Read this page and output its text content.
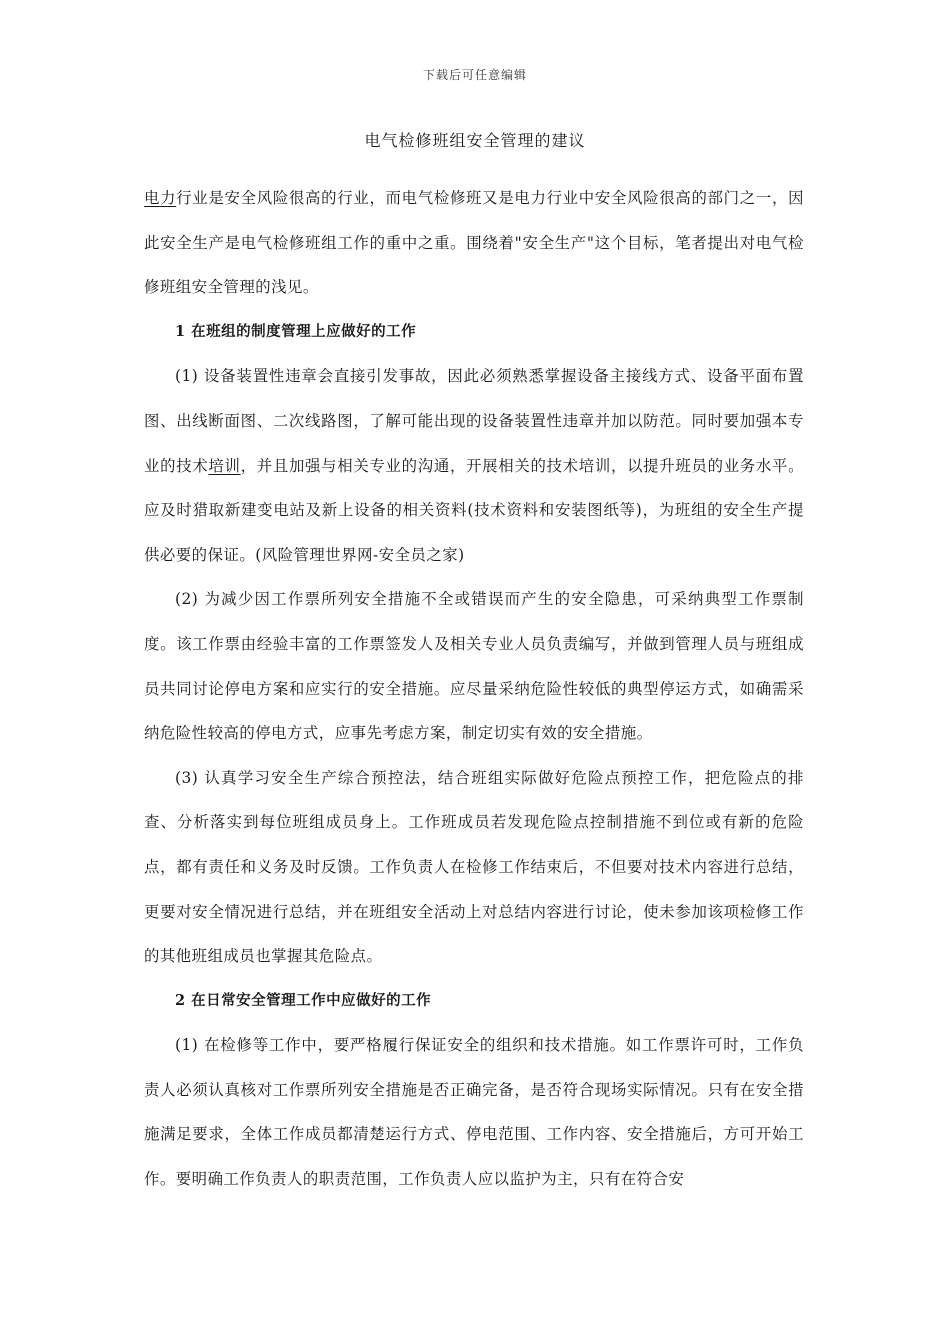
下载后可任意编辑
电气检修班组安全管理的建议

电力行业是安全风险很高的行业，而电气检修班又是电力行业中安全风险很高的部门之一，因此安全生产是电气检修班组工作的重中之重。围绕着"安全生产"这个目标，笔者提出对电气检修班组安全管理的浅见。

1 在班组的制度管理上应做好的工作

(1) 设备装置性违章会直接引发事故，因此必须熟悉掌握设备主接线方式、设备平面布置图、出线断面图、二次线路图，了解可能出现的设备装置性违章并加以防范。同时要加强本专业的技术培训，并且加强与相关专业的沟通，开展相关的技术培训，以提升班员的业务水平。应及时猎取新建变电站及新上设备的相关资料(技术资料和安装图纸等)，为班组的安全生产提供必要的保证。(风险管理世界网-安全员之家)

(2) 为减少因工作票所列安全措施不全或错误而产生的安全隐患，可采纳典型工作票制度。该工作票由经验丰富的工作票签发人及相关专业人员负责编写，并做到管理人员与班组成员共同讨论停电方案和应实行的安全措施。应尽量采纳危险性较低的典型停运方式，如确需采纳危险性较高的停电方式，应事先考虑方案，制定切实有效的安全措施。

(3) 认真学习安全生产综合预控法，结合班组实际做好危险点预控工作，把危险点的排查、分析落实到每位班组成员身上。工作班成员若发现危险点控制措施不到位或有新的危险点，都有责任和义务及时反馈。工作负责人在检修工作结束后，不但要对技术内容进行总结，更要对安全情况进行总结，并在班组安全活动上对总结内容进行讨论，使未参加该项检修工作的其他班组成员也掌握其危险点。

2 在日常安全管理工作中应做好的工作

(1) 在检修等工作中，要严格履行保证安全的组织和技术措施。如工作票许可时，工作负责人必须认真核对工作票所列安全措施是否正确完备，是否符合现场实际情况。只有在安全措施满足要求，全体工作成员都清楚运行方式、停电范围、工作内容、安全措施后，方可开始工作。要明确工作负责人的职责范围，工作负责人应以监护为主，只有在符合安
